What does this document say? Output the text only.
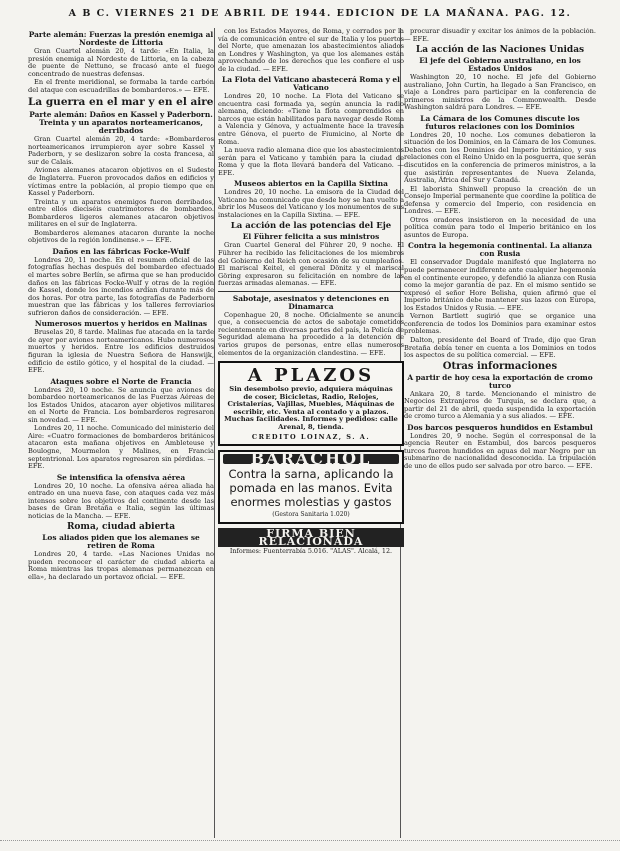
A B C. VIERNES 21 DE ABRIL DE 1944. EDICION DE LA MAÑANA. PAG. 12.
Parte alemán: Fuerzas la presión enemiga al Nordeste de Littoria

Gran Cuartel alemán 20, 4 tarde: «En Italia, la presión enemiga al Nordeste de Littoria, en la cabeza de puente de Nettuno, se fracasó ante el fuego concentrado de nuestras defensas.

En el frente meridional, se formaba la tarde carbón del ataque con escuadrillas de bombarderos.» — EFE.

La guerra en el mar y en el aire
Parte alemán: Daños en Kassel y Paderborn. Treinta y un aparatos norteamericanos, derribados

Gran Cuartel alemán 20, 4 tarde: «Bombarderos norteamericanos irrumpieron ayer sobre Kassel y Paderborn, y se deslizaron sobre la costa francesa, al sur de Calais.

Aviones alemanes atacaron objetivos en el Sudeste de Inglaterra. Fueron provocados daños en edificios y víctimas entre la población, al propio tiempo que en Kassel y Paderborn.

Treinta y un aparatos enemigos fueron derribados, entre ellos dieciséis cuatrimotores de bombardeo. Bombarderos ligeros alemanes atacaron objetivos militares en el sur de Inglaterra.

Bombarderos alemanes atacaron durante la noche objetivos de la región londinense.» — EFE.

Daños en las fábricas Focke-Wulf

Londres 20, 11 noche. En el resumen oficial de las fotografías hechas después del bombardeo efectuado el martes sobre Berlín, se afirma que se han producido daños en las fábricas Focke-Wulf y otras de la región de Kassel, donde los incendios ardían durante más de dos horas. Por otra parte, las fotografías de Paderborn muestran que las fábricas y los talleres ferroviarios sufrieron daños de consideración. — EFE.

Numerosos muertos y heridos en Malinas

Bruselas 20, 8 tarde. Malinas fue atacada en la tarde de ayer por aviones norteamericanos. Hubo numerosos muertos y heridos. Entre los edificios destruidos figuran la iglesia de Nuestra Señora de Hanswijk, edificio de estilo gótico, y el hospital de la ciudad. — EFE.

Ataques sobre el Norte de Francia

Londres 20, 10 noche. Se anuncia que aviones de bombardeo norteamericanos de las Fuerzas Aéreas de los Estados Unidos, atacaron ayer objetivos militares en el Norte de Francia. Los bombarderos regresaron sin novedad. — EFE.

Londres 20, 11 noche. Comunicado del ministerio del Aire: «Cuatro formaciones de bombarderos británicos atacaron esta mañana objetivos en Ambleteuse y Boulogne, Mourmelon y Malines, en Francia septentrional. Los aparatos regresaron sin pérdidas. — EFE.

Se intensifica la ofensiva aérea

Londres 20, 10 noche. La ofensiva aérea aliada ha entrado en una nueva fase, con ataques cada vez más intensos sobre los objetivos del continente desde las bases de Gran Bretaña e Italia, según las últimas noticias de la Mancha. — EFE.

Roma, ciudad abierta
Los aliados piden que los alemanes se retiren de Roma

Londres 20, 4 tarde. «Las Naciones Unidas no pueden reconocer el carácter de ciudad abierta a Roma mientras las tropas alemanas permanezcan en ella», ha declarado un portavoz oficial. — EFE.

con los Estados Mayores, de Roma, y cerrados por la vía de comunicación entre el sur de Italia y los puertos del Norte, que amenazan los abastecimientos aliados en Londres y Washington, ya que los alemanes están aprovechando de los derechos que les confiere el uso de la ciudad. — EFE.

La Flota del Vaticano abastecerá Roma y el Vaticano

Londres 20, 10 noche. La Flota del Vaticano se encuentra casi formada ya, según anuncia la radio alemana, diciendo: «Tiene la flota comprendidos en barcos que están habilitados para navegar desde Roma a Valencia y Génova, y actualmente hace la travesía entre Génova, el puerto de Fiumicino, al Norte de Roma.

La nueva radio alemana dice que los abastecimientos serán para el Vaticano y también para la ciudad de Roma y que la flota llevará bandera del Vaticano. — EFE.

Museos abiertos en la Capilla Sixtina

Londres 20, 10 noche. La emisora de la Ciudad del Vaticano ha comunicado que desde hoy se han vuelto a abrir los Museos del Vaticano y los monumentos de sus instalaciones en la Capilla Sixtina. — EFE.

La acción de las potencias del Eje
El Führer felicita a sus ministros

Gran Cuartel General del Führer 20, 9 noche. El Führer ha recibido las felicitaciones de los miembros del Gobierno del Reich con ocasión de su cumpleaños. El mariscal Keitel, el general Dönitz y el mariscal Göring expresaron su felicitación en nombre de las fuerzas armadas alemanas. — EFE.

Sabotaje, asesinatos y detenciones en Dinamarca

Copenhague 20, 8 noche. Oficialmente se anuncia que, a consecuencia de actos de sabotaje cometidos recientemente en diversas partes del país, la Policía de Seguridad alemana ha procedido a la detención de varios grupos de personas, entre ellas numerosos elementos de la organización clandestina. — EFE.

A PLAZOS
Sin desembolso previo, adquiera máquinas de coser, Bicicletas, Radio, Relojes, Cristalerías, Vajillas, Muebles, Máquinas de escribir, etc. Venta al contado y a plazos. Muchas facilidades. Informes y pedidos: calle Arenal, 8, tienda.
CREDITO LOINAZ, S. A.
BARACHOL
Contra la sarna, aplicando la pomada en las manos. Evita enormes molestias y gastos
(Gestora Sanitaria 1.020)
FIRMA BIEN RELACIONADA
Informes: Fuenterrabía 5.016. "ALAS". Alcalá, 12.

procurar disuadir y excitar los ánimos de la población. — EFE.

La acción de las Naciones Unidas
El jefe del Gobierno australiano, en los Estados Unidos

Washington 20, 10 noche. El jefe del Gobierno australiano, John Curtin, ha llegado a San Francisco, en viaje a Londres para participar en la conferencia de primeros ministros de la Commonwealth. Desde Washington saldrá para Londres. — EFE.

La Cámara de los Comunes discute los futuros relaciones con los Dominios

Londres 20, 10 noche. Los comunes debatieron la situación de los Dominios, en la Cámara de los Comunes. Debates con los Dominios del Imperio británico, y sus relaciones con el Reino Unido en la posguerra, que serán discutidos en la conferencia de primeros ministros, a la que asistirán representantes de Nueva Zelanda, Australia, África del Sur y Canadá.

El laborista Shinwell propuso la creación de un Consejo Imperial permanente que coordine la política de defensa y comercio del Imperio, con residencia en Londres. — EFE.

Otros oradores insistieron en la necesidad de una política común para todo el Imperio británico en los asuntos de Europa.

Contra la hegemonía continental. La alianza con Rusia

El conservador Dugdale manifestó que Inglaterra no puede permanecer indiferente ante cualquier hegemonía en el continente europeo, y defendió la alianza con Rusia como la mejor garantía de paz. En el mismo sentido se expresó el señor Hore Belisha, quien afirmó que el Imperio británico debe mantener sus lazos con Europa, los Estados Unidos y Rusia. — EFE.

Vernon Bartlett sugirió que se organice una conferencia de todos los Dominios para examinar estos problemas.

Dalton, presidente del Board of Trade, dijo que Gran Bretaña debía tener en cuenta a los Dominios en todos los aspectos de su política comercial. — EFE.

Otras informaciones
A partir de hoy cesa la exportación de cromo turco

Ankara 20, 8 tarde. Mencionando el ministro de Negocios Extranjeros de Turquía, se declara que, a partir del 21 de abril, queda suspendida la exportación de cromo turco a Alemania y a sus aliados. — EFE.

Dos barcos pesqueros hundidos en Estambul

Londres 20, 9 noche. Según el corresponsal de la agencia Reuter en Estambul, dos barcos pesqueros turcos fueron hundidos en aguas del mar Negro por un submarino de nacionalidad desconocida. La tripulación de uno de ellos pudo ser salvada por otro barco. — EFE.
